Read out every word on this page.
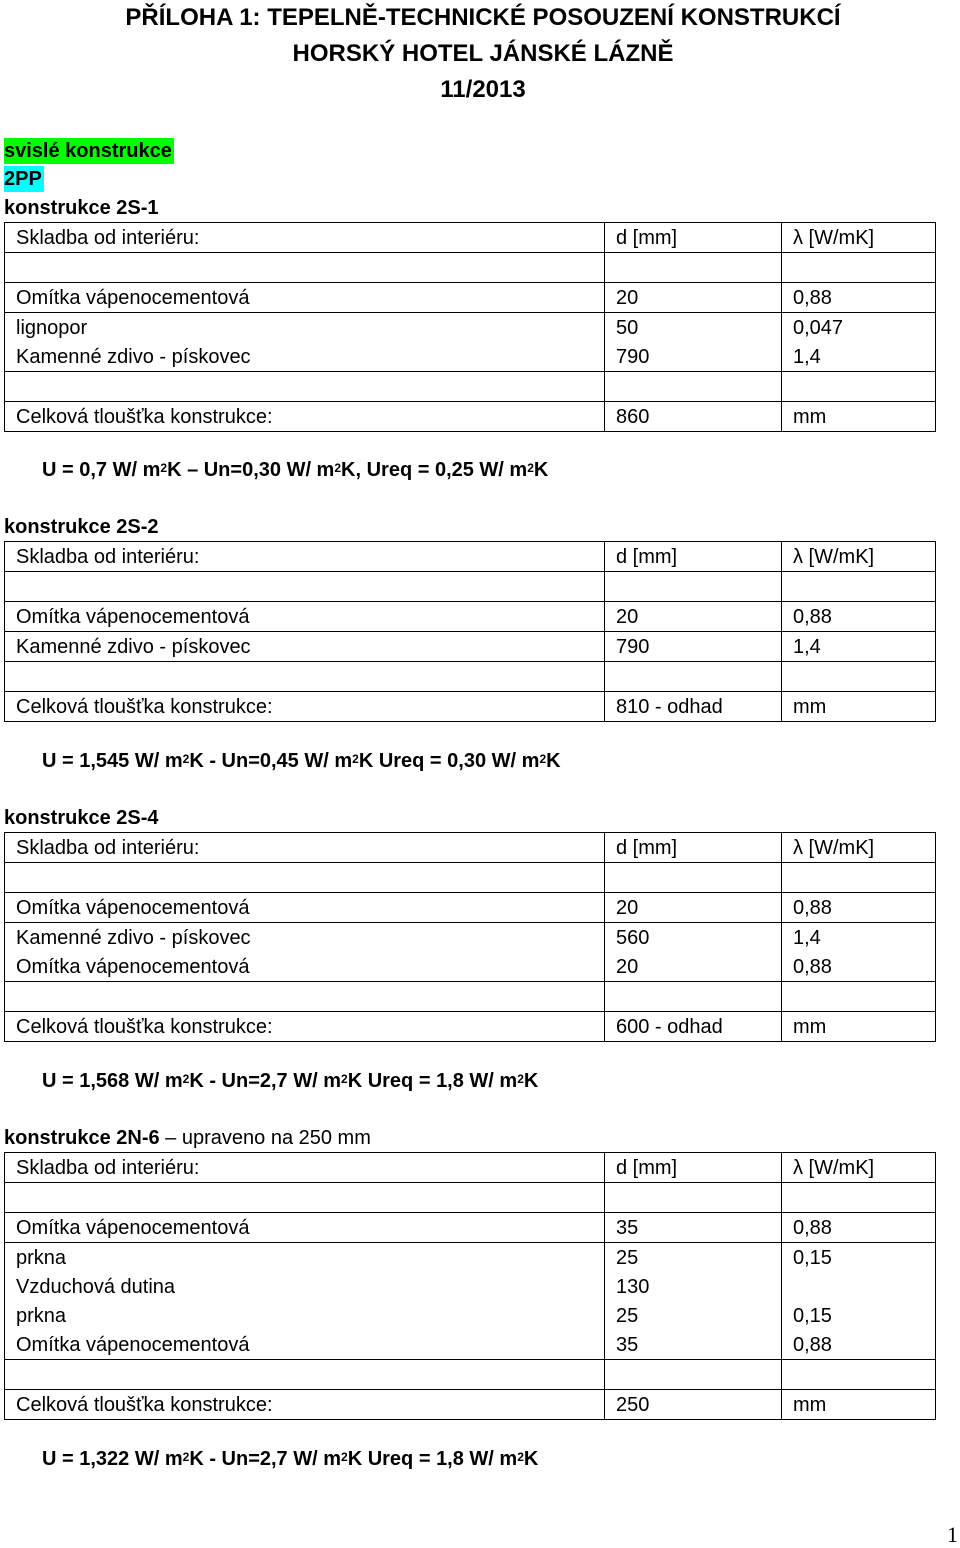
PŘÍLOHA 1: TEPELNĚ-TECHNICKÉ POSOUZENÍ KONSTRUKCÍ
HORSKÝ HOTEL JÁNSKÉ LÁZNĚ
11/2013
svislé konstrukce
2PP
konstrukce 2S-1
Skladba od interiéru:	d [mm]	λ [W/mK]

Omítka vápenocementová	20	0,88
lignopor	50	0,047
Kamenné zdivo - pískovec	790	1,4

Celková tloušťka konstrukce:	860	mm
U = 0,7 W/ $m^2K - Un=0,30$ W/ $m^2K$, Ureq = 0,25 W/ $m^2K$
konstrukce 2S-2
Skladba od interiéru:	d [mm]	λ [W/mK]

Omítka vápenocementová	20	0,88
Kamenné zdivo - pískovec	790	1,4

Celková tloušťka konstrukce:	810 - odhad	mm
U = 1,545 W/ $m^2K - Un=0,45$ W/ $m^2K$ Ureq = 0,30 W/ $m^2K$
konstrukce 2S-4
Skladba od interiéru:	d [mm]	λ [W/mK]

Omítka vápenocementová	20	0,88
Kamenné zdivo - pískovec	560	1,4
Omítka vápenocementová	20	0,88

Celková tloušťka konstrukce:	600 - odhad	mm
U = 1,568 W/ $m^2K - Un=2,7$ W/ $m^2K$ Ureq = 1,8 W/ $m^2K$
konstrukce 2N-6 – upraveno na 250 mm
Skladba od interiéru:	d [mm]	λ [W/mK]

Omítka vápenocementová	35	0,88
prkna	25	0,15
Vzduchová dutina	130	
prkna	25	0,15
Omítka vápenocementová	35	0,88

Celková tloušťka konstrukce:	250	mm
U = 1,322 W/ $m^2K - Un=2,7$ W/ $m^2K$ Ureq = 1,8 W/ $m^2K$
1
